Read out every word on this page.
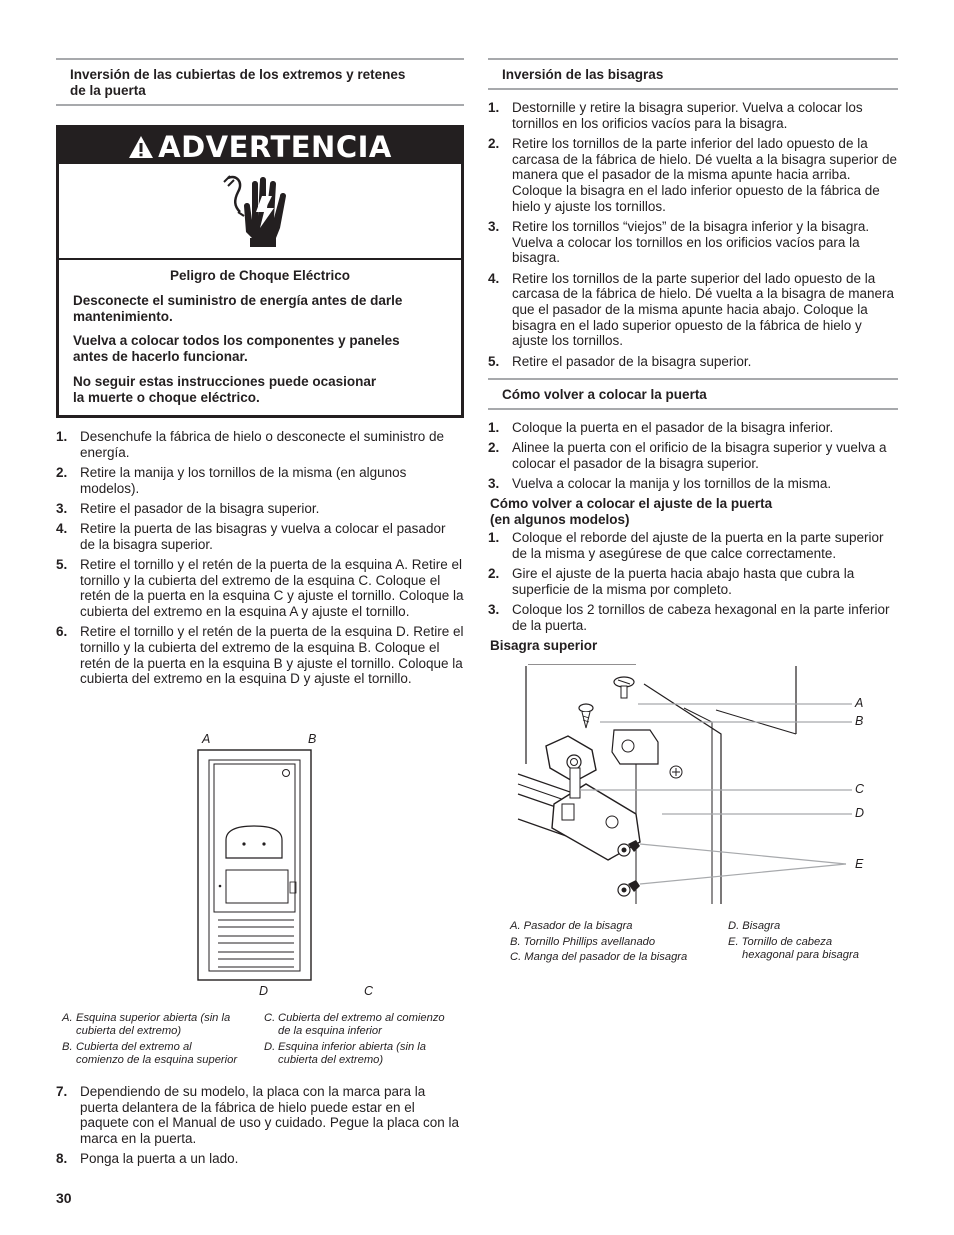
Inversión de las cubiertas de los extremos y retenes
de la puerta
ADVERTENCIA

Peligro de Choque Eléctrico

Desconecte el suministro de energía antes de darle
mantenimiento.

Vuelva a colocar todos los componentes y paneles
antes de hacerlo funcionar.

No seguir estas instrucciones puede ocasionar
la muerte o choque eléctrico.

1. Desenchufe la fábrica de hielo o desconecte el suministro de energía.
2. Retire la manija y los tornillos de la misma (en algunos modelos).
3. Retire el pasador de la bisagra superior.
4. Retire la puerta de las bisagras y vuelva a colocar el pasador de la bisagra superior.
5. Retire el tornillo y el retén de la puerta de la esquina A. Retire el tornillo y la cubierta del extremo de la esquina C. Coloque el retén de la puerta en la esquina C y ajuste el tornillo. Coloque la cubierta del extremo en la esquina A y ajuste el tornillo.
6. Retire el tornillo y el retén de la puerta de la esquina D. Retire el tornillo y la cubierta del extremo de la esquina B. Coloque el retén de la puerta en la esquina B y ajuste el tornillo. Coloque la cubierta del extremo en la esquina D y ajuste el tornillo.
A	B
D	C
A. Esquina superior abierta (sin la
cubierta del extremo)
B. Cubierta del extremo al
comienzo de la esquina superior
C. Cubierta del extremo al comienzo
de la esquina inferior
D. Esquina inferior abierta (sin la
cubierta del extremo)
7. Dependiendo de su modelo, la placa con la marca para la puerta delantera de la fábrica de hielo puede estar en el paquete con el Manual de uso y cuidado. Pegue la placa con la marca en la puerta.
8. Ponga la puerta a un lado.
Inversión de las bisagras
1. Destornille y retire la bisagra superior. Vuelva a colocar los tornillos en los orificios vacíos para la bisagra.
2. Retire los tornillos de la parte inferior del lado opuesto de la carcasa de la fábrica de hielo. Dé vuelta a la bisagra superior de manera que el pasador de la misma apunte hacia arriba. Coloque la bisagra en el lado inferior opuesto de la fábrica de hielo y ajuste los tornillos.
3. Retire los tornillos “viejos” de la bisagra inferior y la bisagra. Vuelva a colocar los tornillos en los orificios vacíos para la bisagra.
4. Retire los tornillos de la parte superior del lado opuesto de la carcasa de la fábrica de hielo. Dé vuelta a la bisagra de manera que el pasador de la misma apunte hacia abajo. Coloque la bisagra en el lado superior opuesto de la fábrica de hielo y ajuste los tornillos.
5. Retire el pasador de la bisagra superior.
Cómo volver a colocar la puerta
1. Coloque la puerta en el pasador de la bisagra inferior.
2. Alinee la puerta con el orificio de la bisagra superior y vuelva a colocar el pasador de la bisagra superior.
3. Vuelva a colocar la manija y los tornillos de la misma.
Cómo volver a colocar el ajuste de la puerta
(en algunos modelos)
1. Coloque el reborde del ajuste de la puerta en la parte superior de la misma y asegúrese de que calce correctamente.
2. Gire el ajuste de la puerta hacia abajo hasta que cubra la superficie de la misma por completo.
3. Coloque los 2 tornillos de cabeza hexagonal en la parte inferior de la puerta.
Bisagra superior
A
B
C
D
E
A. Pasador de la bisagra
B. Tornillo Phillips avellanado
C. Manga del pasador de la bisagra
D. Bisagra
E. Tornillo de cabeza
hexagonal para bisagra
30
